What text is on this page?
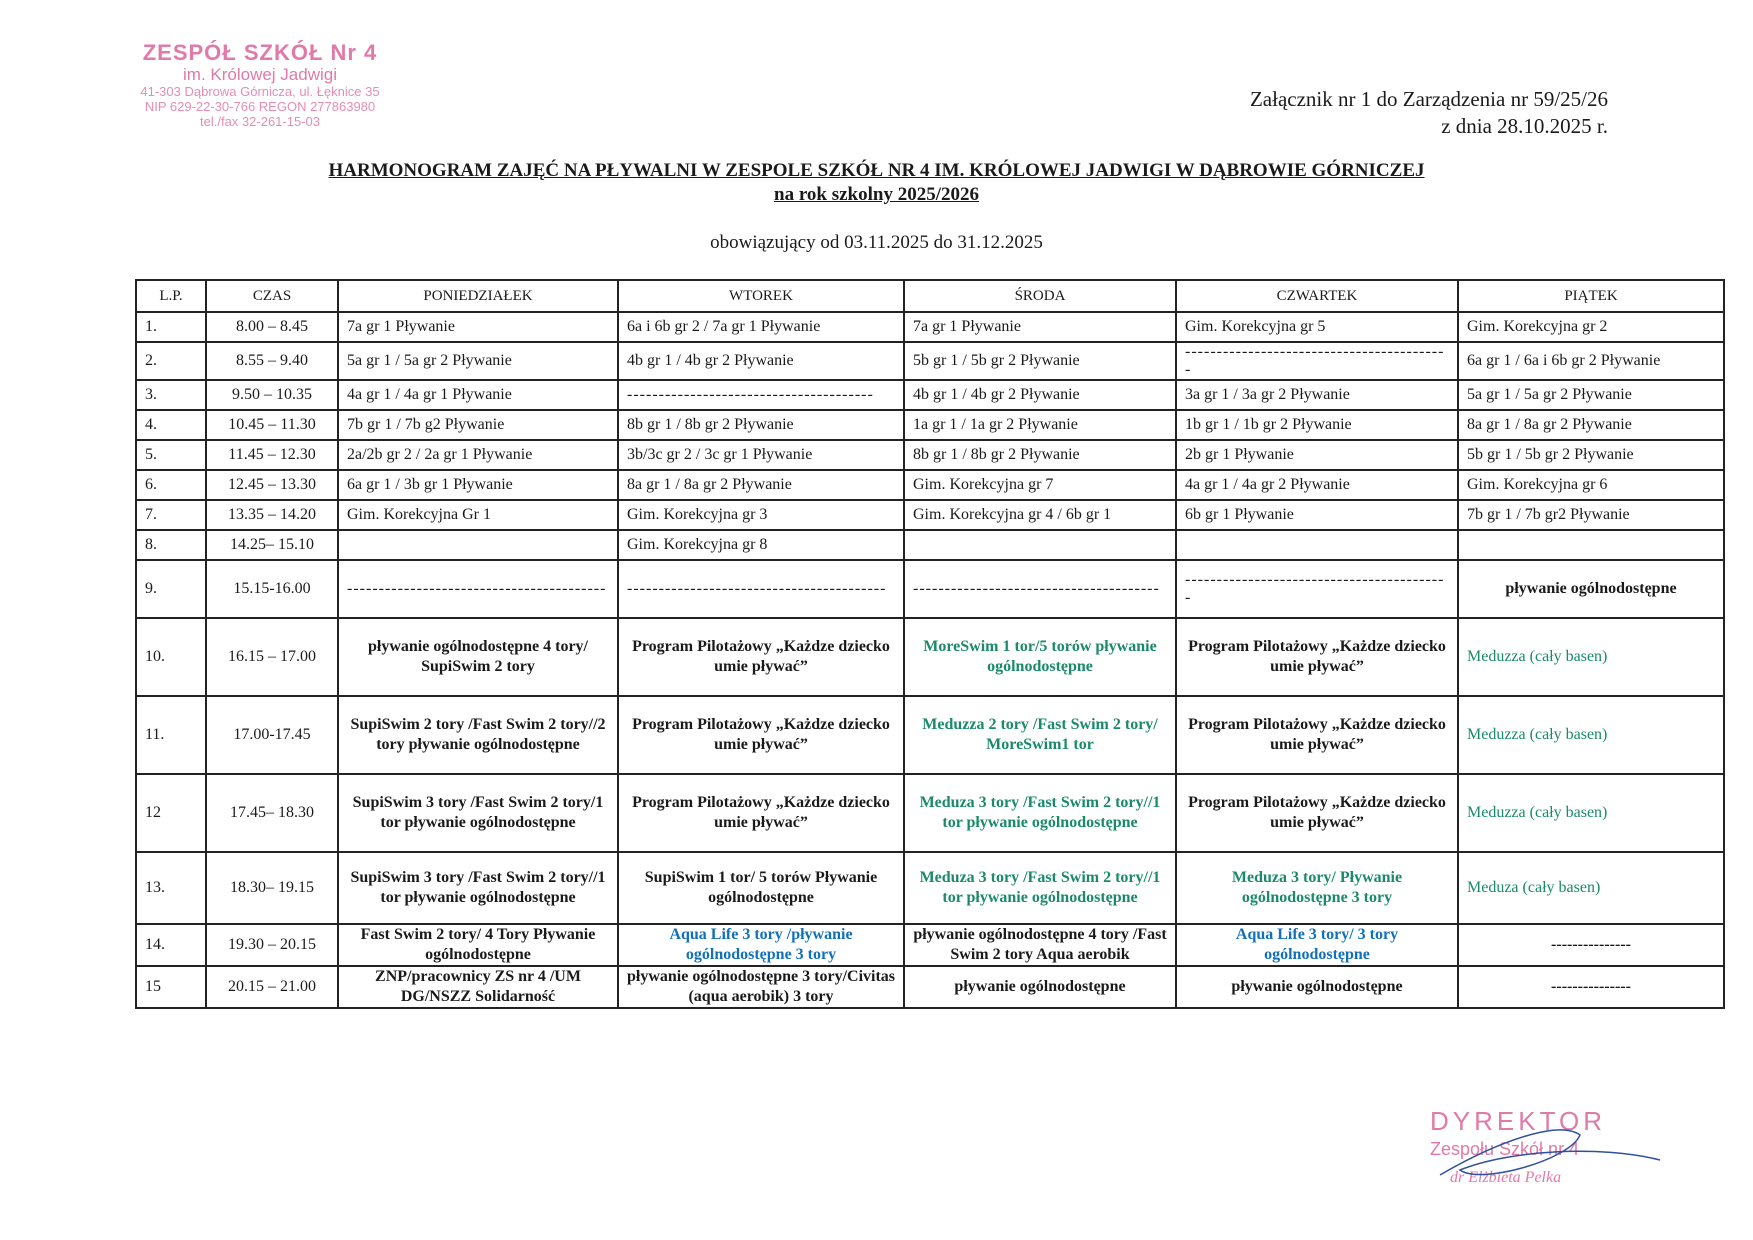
ZESPÓŁ SZKÓŁ Nr 4
im. Królowej Jadwigi
41-303 Dąbrowa Górnicza, ul. Łęknice 35
NIP 629-22-30-766 REGON 277863980
tel./fax 32-261-15-03
Załącznik nr 1 do Zarządzenia nr 59/25/26
z dnia 28.10.2025 r.
HARMONOGRAM ZAJĘĆ NA PŁYWALNI W ZESPOLE SZKÓŁ NR 4 IM. KRÓLOWEJ JADWIGI W DĄBROWIE GÓRNICZEJ
na rok szkolny 2025/2026
obowiązujący od 03.11.2025 do 31.12.2025
L.P.	CZAS	PONIEDZIAŁEK	WTOREK	ŚRODA	CZWARTEK	PIĄTEK
1.	8.00 – 8.45	7a gr 1 Pływanie	6a i 6b gr 2 / 7a gr 1 Pływanie	7a gr 1 Pływanie	Gim. Korekcyjna gr 5	Gim. Korekcyjna gr 2
2.	8.55 – 9.40	5a gr 1 / 5a gr 2 Pływanie	4b gr 1 / 4b gr 2 Pływanie	5b gr 1 / 5b gr 2 Pływanie	------------------------------------------	6a gr 1 / 6a i 6b gr 2 Pływanie
3.	9.50 – 10.35	4a gr 1 / 4a gr 1 Pływanie	---------------------------------------	4b gr 1 / 4b gr 2 Pływanie	3a gr 1 / 3a gr 2 Pływanie	5a gr 1 / 5a gr 2 Pływanie
4.	10.45 – 11.30	7b gr 1 / 7b g2 Pływanie	8b gr 1 / 8b gr 2 Pływanie	1a gr 1 / 1a gr 2 Pływanie	1b gr 1 / 1b gr 2 Pływanie	8a gr 1 / 8a gr 2 Pływanie
5.	11.45 – 12.30	2a/2b gr 2 / 2a gr 1 Pływanie	3b/3c gr 2 / 3c gr 1 Pływanie	8b gr 1 / 8b gr 2 Pływanie	2b gr 1 Pływanie	5b gr 1 / 5b gr 2 Pływanie
6.	12.45 – 13.30	6a gr 1 / 3b gr 1 Pływanie	8a gr 1 / 8a gr 2 Pływanie	Gim. Korekcyjna gr 7	4a gr 1 / 4a gr 2 Pływanie	Gim. Korekcyjna gr 6
7.	13.35 – 14.20	Gim. Korekcyjna Gr 1	Gim. Korekcyjna gr 3	Gim. Korekcyjna gr 4 / 6b gr 1	6b gr 1 Pływanie	7b gr 1 / 7b gr2 Pływanie
8.	14.25– 15.10		Gim. Korekcyjna gr 8			
9.	15.15-16.00	-----------------------------------------	-----------------------------------------	---------------------------------------	------------------------------------------	pływanie ogólnodostępne
10.	16.15 – 17.00	pływanie ogólnodostępne 4 tory/ SupiSwim 2 tory	Program Pilotażowy „Każdze dziecko umie pływać”	MoreSwim 1 tor/5 torów pływanie ogólnodostępne	Program Pilotażowy „Każdze dziecko umie pływać”	Meduzza (cały basen)
11.	17.00-17.45	SupiSwim 2 tory /Fast Swim 2 tory//2 tory pływanie ogólnodostępne	Program Pilotażowy „Każdze dziecko umie pływać”	Meduzza 2 tory /Fast Swim 2 tory/ MoreSwim1 tor	Program Pilotażowy „Każdze dziecko umie pływać”	Meduzza (cały basen)
12	17.45– 18.30	SupiSwim 3 tory /Fast Swim 2 tory/1 tor pływanie ogólnodostępne	Program Pilotażowy „Każdze dziecko umie pływać”	Meduza 3 tory /Fast Swim 2 tory//1 tor pływanie ogólnodostępne	Program Pilotażowy „Każdze dziecko umie pływać”	Meduzza (cały basen)
13.	18.30– 19.15	SupiSwim 3 tory /Fast Swim 2 tory//1 tor pływanie ogólnodostępne	SupiSwim 1 tor/ 5 torów Pływanie ogólnodostępne	Meduza 3 tory /Fast Swim 2 tory//1 tor pływanie ogólnodostępne	Meduza 3 tory/ Pływanie ogólnodostępne 3 tory	Meduza (cały basen)
14.	19.30 – 20.15	Fast Swim 2 tory/ 4 Tory Pływanie ogólnodostępne	Aqua Life 3 tory /pływanie ogólnodostępne 3 tory	pływanie ogólnodostępne 4 tory /Fast Swim 2 tory Aqua aerobik	Aqua Life 3 tory/ 3 tory ogólnodostępne	---------------
15	20.15 – 21.00	ZNP/pracownicy ZS nr 4 /UM DG/NSZZ Solidarność	pływanie ogólnodostępne 3 tory/Civitas (aqua aerobik) 3 tory	pływanie ogólnodostępne	pływanie ogólnodostępne	---------------
DYREKTOR
Zespołu Szkół nr 4
dr Elżbieta Pelka
